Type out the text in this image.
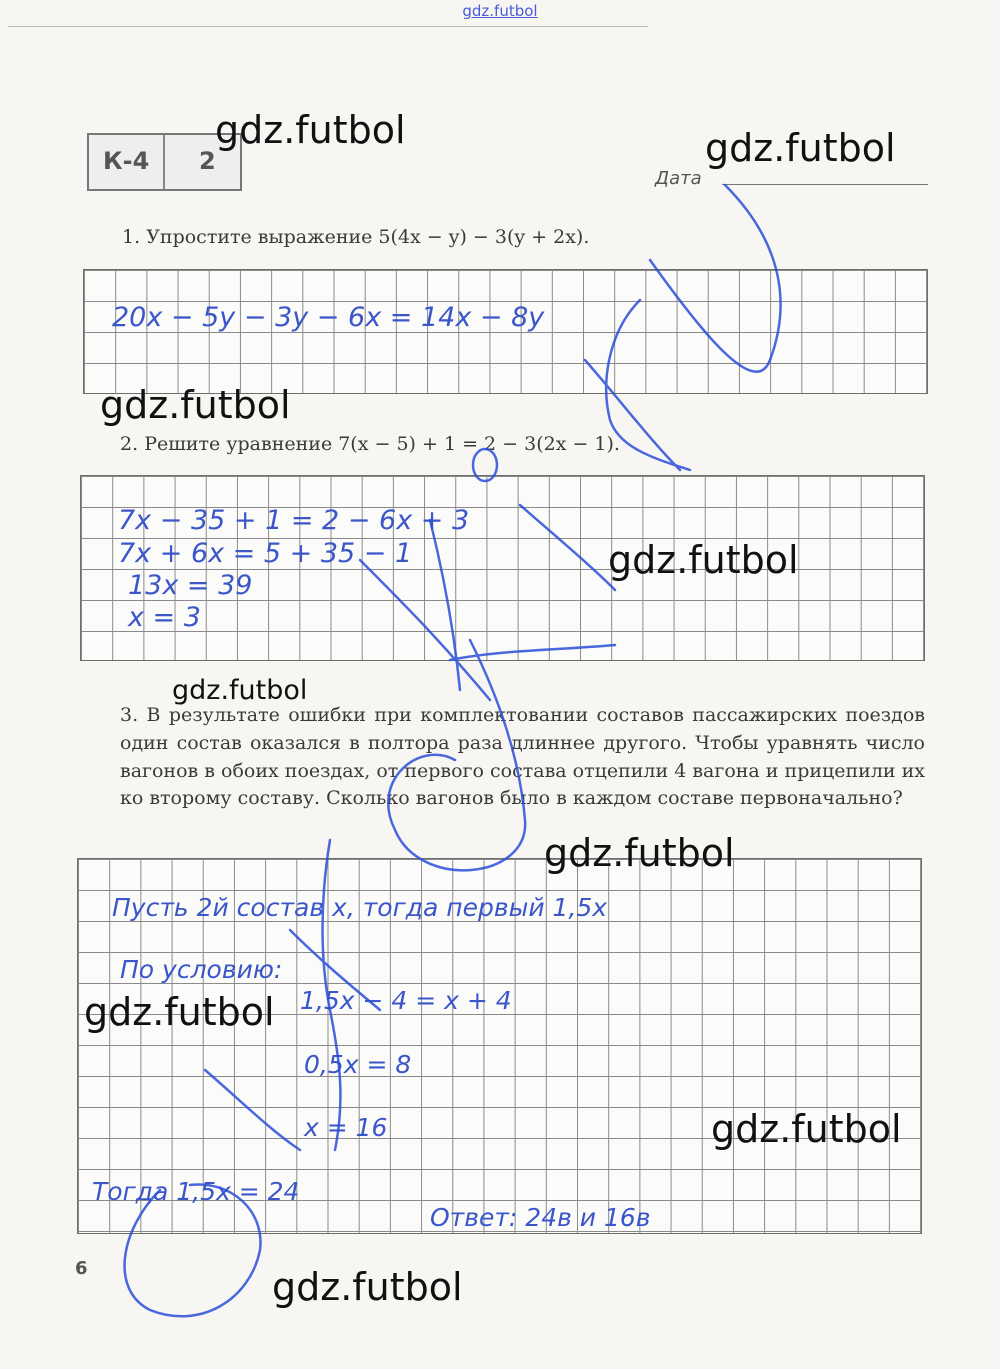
gdz.futbol
К-4 2
Дата
1. Упростите выражение 5(4x − y) − 3(y + 2x).
20x − 5y − 3y − 6x = 14x − 8y
2. Решите уравнение 7(x − 5) + 1 = 2 − 3(2x − 1).
7x − 35 + 1 = 2 − 6x + 3
7x + 6x = 5 + 35 − 1
13x = 39
x = 3
3. В результате ошибки при комплектовании составов пассажирских поездов один состав оказался в полтора раза длиннее другого. Чтобы уравнять число вагонов в обоих поездах, от первого состава отцепили 4 вагона и прицепили их ко второму составу. Сколько вагонов было в каждом составе первоначально?
Пусть 2й состав x, тогда первый 1,5x
По условию:
1,5x − 4 = x + 4
0,5x = 8
x = 16
Тогда 1,5x = 24
Ответ: 24в и 16в
6
gdz.futbol	gdz.futbol
gdz.futbol
gdz.futbol
gdz.futbol
gdz.futbol
gdz.futbol
gdz.futbol
gdz.futbol
